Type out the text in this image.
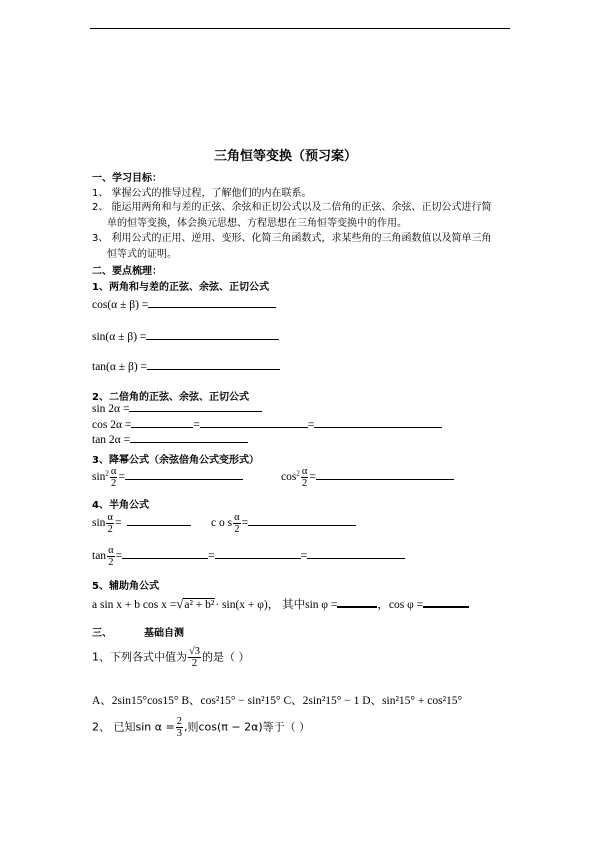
三角恒等变换（预习案）
一、学习目标：
1、 掌握公式的推导过程，了解他们的内在联系。
2、 能运用两角和与差的正弦、余弦和正切公式以及二倍角的正弦、余弦、正切公式进行简
单的恒等变换，体会换元思想、方程思想在三角恒等变换中的作用。
3、 利用公式的正用、逆用、变形、化简三角函数式，求某些角的三角函数值以及简单三角
恒等式的证明。
二、要点梳理：
1、两角和与差的正弦、余弦、正切公式
cos(α ± β) =
sin(α ± β) =
tan(α ± β) =
2、二倍角的正弦、余弦、正切公式
sin 2α =
cos 2α =	=	=
tan 2α =
3、降幂公式（余弦倍角公式变形式）
$\sin^2 \frac{\alpha}{2}$ =	$\cos^2 \frac{\alpha}{2}$ =
4、半角公式
$\sin \frac{\alpha}{2}$ =	c o s $\frac{\alpha}{2}$ =
$\tan \frac{\alpha}{2}$ =	=	=
5、辅助角公式
a sin x + b cos x =√a² + b²· sin(x + φ)， 其中sin φ =	，cos φ =
三、	基础自测
1、下列各式中值为 $\frac{√3}{2}$ 的是（ ）
A、2sin15°cos15° B、cos²15° − sin²15° C、2sin²15° − 1 D、sin²15° + cos²15°
2、 已知$\sin \alpha = \frac{2}{3}$ ,则cos(π − 2α)等于（ ）
